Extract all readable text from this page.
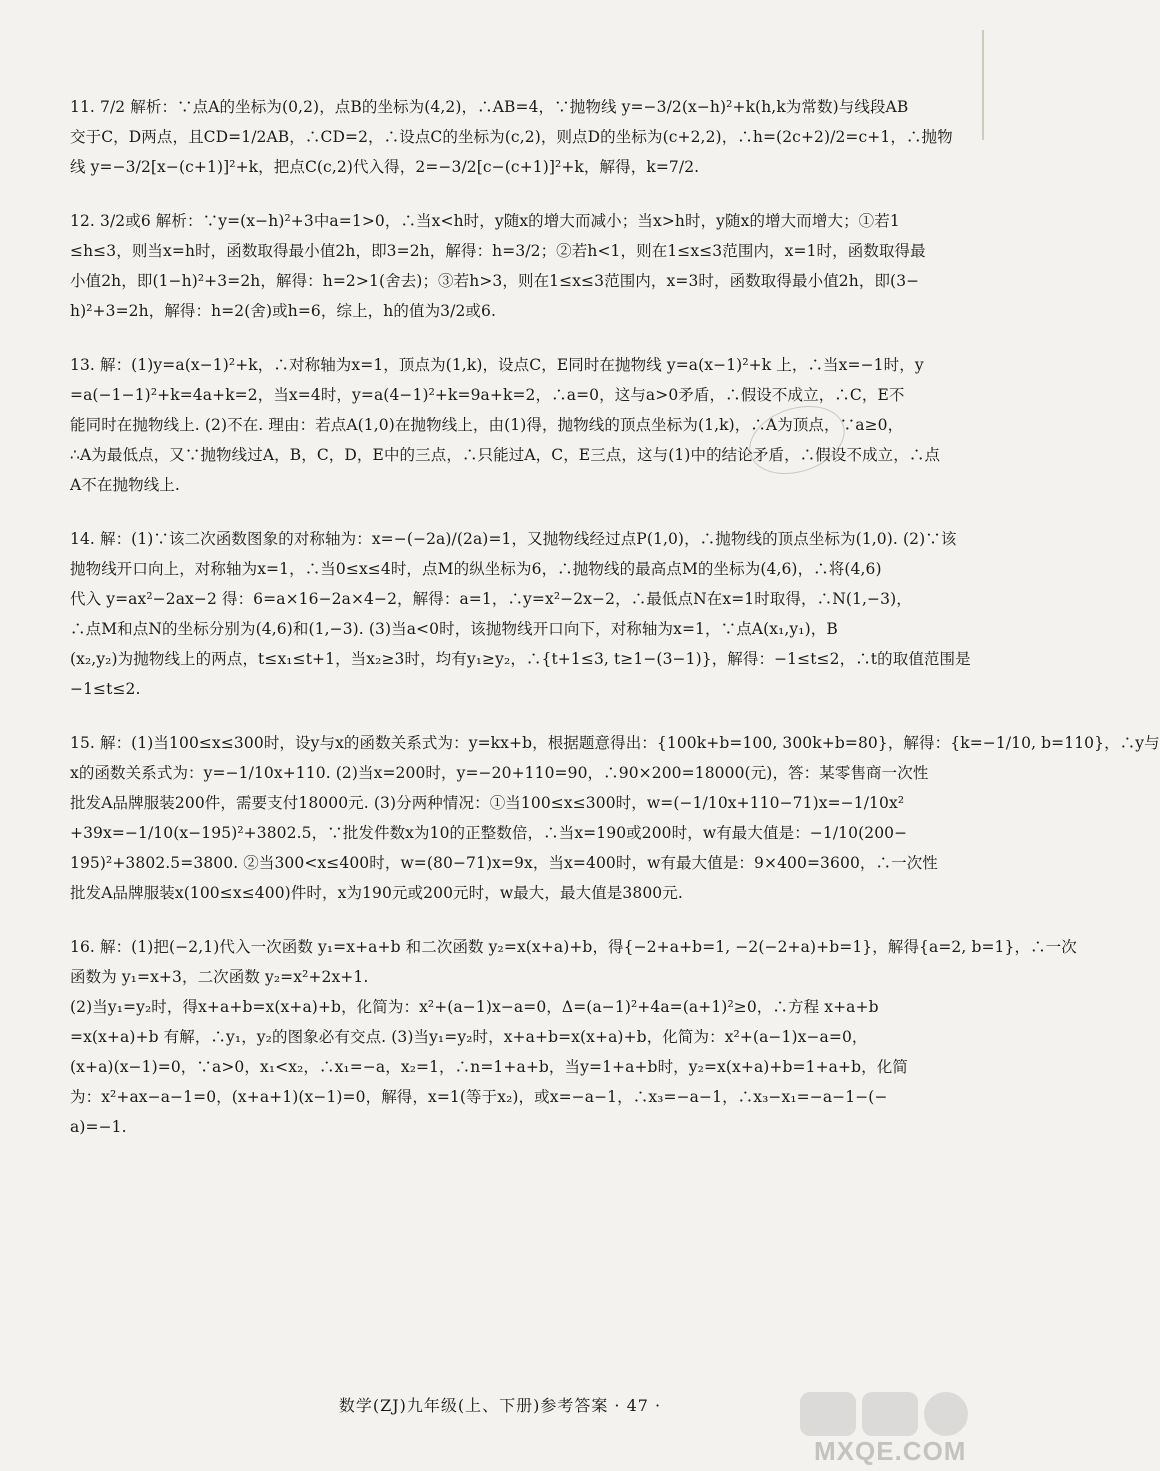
11. 7/2 解析：∵点A的坐标为(0,2)，点B的坐标为(4,2)，∴AB=4，∵抛物线 y=−3/2(x−h)²+k(h,k为常数)与线段AB
交于C，D两点，且CD=1/2AB，∴CD=2，∴设点C的坐标为(c,2)，则点D的坐标为(c+2,2)，∴h=(2c+2)/2=c+1，∴抛物
线 y=−3/2[x−(c+1)]²+k，把点C(c,2)代入得，2=−3/2[c−(c+1)]²+k，解得，k=7/2.
12. 3/2或6 解析：∵y=(x−h)²+3中a=1>0，∴当x<h时，y随x的增大而减小；当x>h时，y随x的增大而增大；①若1
≤h≤3，则当x=h时，函数取得最小值2h，即3=2h，解得：h=3/2；②若h<1，则在1≤x≤3范围内，x=1时，函数取得最
小值2h，即(1−h)²+3=2h，解得：h=2>1(舍去)；③若h>3，则在1≤x≤3范围内，x=3时，函数取得最小值2h，即(3−
h)²+3=2h，解得：h=2(舍)或h=6，综上，h的值为3/2或6.
13. 解：(1)y=a(x−1)²+k，∴对称轴为x=1，顶点为(1,k)，设点C，E同时在抛物线 y=a(x−1)²+k 上，∴当x=−1时，y
=a(−1−1)²+k=4a+k=2，当x=4时，y=a(4−1)²+k=9a+k=2，∴a=0，这与a>0矛盾，∴假设不成立，∴C，E不
能同时在抛物线上. (2)不在. 理由：若点A(1,0)在抛物线上，由(1)得，抛物线的顶点坐标为(1,k)，∴A为顶点，∵a≥0，
∴A为最低点，又∵抛物线过A，B，C，D，E中的三点，∴只能过A，C，E三点，这与(1)中的结论矛盾，∴假设不成立，∴点
A不在抛物线上.
14. 解：(1)∵该二次函数图象的对称轴为：x=−(−2a)/(2a)=1，又抛物线经过点P(1,0)，∴抛物线的顶点坐标为(1,0). (2)∵该
抛物线开口向上，对称轴为x=1，∴当0≤x≤4时，点M的纵坐标为6，∴抛物线的最高点M的坐标为(4,6)，∴将(4,6)
代入 y=ax²−2ax−2 得：6=a×16−2a×4−2，解得：a=1，∴y=x²−2x−2，∴最低点N在x=1时取得，∴N(1,−3)，
∴点M和点N的坐标分别为(4,6)和(1,−3). (3)当a<0时，该抛物线开口向下，对称轴为x=1，∵点A(x₁,y₁)，B
(x₂,y₂)为抛物线上的两点，t≤x₁≤t+1，当x₂≥3时，均有y₁≥y₂，∴{t+1≤3, t≥1−(3−1)}，解得：−1≤t≤2，∴t的取值范围是
−1≤t≤2.
15. 解：(1)当100≤x≤300时，设y与x的函数关系式为：y=kx+b，根据题意得出：{100k+b=100, 300k+b=80}，解得：{k=−1/10, b=110}，∴y与
x的函数关系式为：y=−1/10x+110. (2)当x=200时，y=−20+110=90，∴90×200=18000(元)，答：某零售商一次性
批发A品牌服装200件，需要支付18000元. (3)分两种情况：①当100≤x≤300时，w=(−1/10x+110−71)x=−1/10x²
+39x=−1/10(x−195)²+3802.5，∵批发件数x为10的正整数倍，∴当x=190或200时，w有最大值是：−1/10(200−
195)²+3802.5=3800. ②当300<x≤400时，w=(80−71)x=9x，当x=400时，w有最大值是：9×400=3600，∴一次性
批发A品牌服装x(100≤x≤400)件时，x为190元或200元时，w最大，最大值是3800元.
16. 解：(1)把(−2,1)代入一次函数 y₁=x+a+b 和二次函数 y₂=x(x+a)+b，得{−2+a+b=1, −2(−2+a)+b=1}，解得{a=2, b=1}，∴一次
函数为 y₁=x+3，二次函数 y₂=x²+2x+1.
(2)当y₁=y₂时，得x+a+b=x(x+a)+b，化简为：x²+(a−1)x−a=0，Δ=(a−1)²+4a=(a+1)²≥0，∴方程 x+a+b
=x(x+a)+b 有解，∴y₁，y₂的图象必有交点. (3)当y₁=y₂时，x+a+b=x(x+a)+b，化简为：x²+(a−1)x−a=0，
(x+a)(x−1)=0，∵a>0，x₁<x₂，∴x₁=−a，x₂=1，∴n=1+a+b，当y=1+a+b时，y₂=x(x+a)+b=1+a+b，化简
为：x²+ax−a−1=0，(x+a+1)(x−1)=0，解得，x=1(等于x₂)，或x=−a−1，∴x₃=−a−1，∴x₃−x₁=−a−1−(−
a)=−1.
数学(ZJ)九年级(上、下册)参考答案 · 47 ·
MXQE.COM
